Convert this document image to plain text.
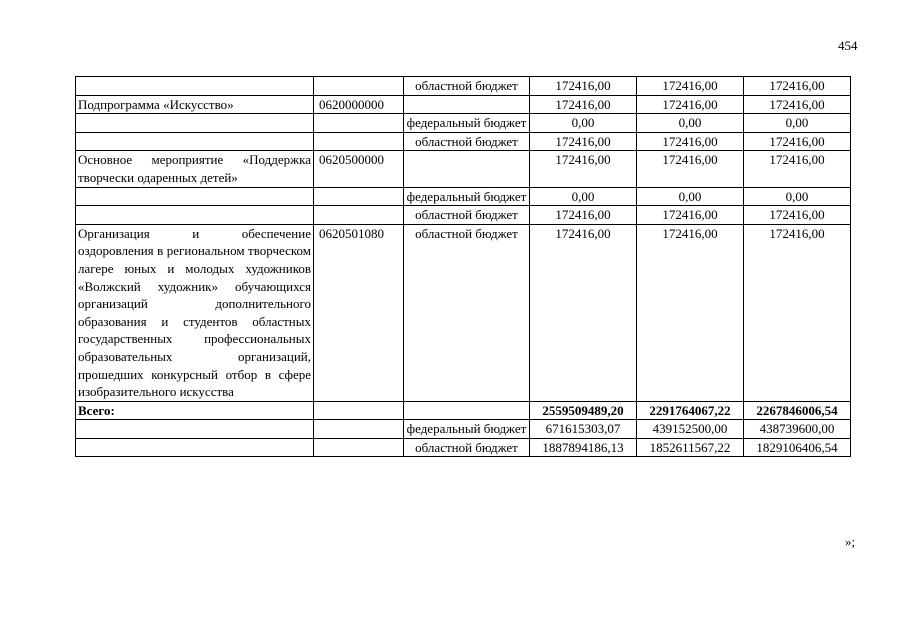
454
		областной бюджет	172416,00	172416,00	172416,00
Подпрограмма «Искусство»	0620000000		172416,00	172416,00	172416,00
		федеральный бюджет	0,00	0,00	0,00
		областной бюджет	172416,00	172416,00	172416,00
Основное мероприятие «Поддержка творчески одаренных детей»	0620500000		172416,00	172416,00	172416,00
		федеральный бюджет	0,00	0,00	0,00
		областной бюджет	172416,00	172416,00	172416,00
Организация и обеспечение оздоровления в региональном творческом лагере юных и молодых художников «Волжский художник» обучающихся организаций дополнительного образования и студентов областных государственных профессиональных образовательных организаций, прошедших конкурсный отбор в сфере изобразительного искусства	0620501080	областной бюджет	172416,00	172416,00	172416,00
Всего:			2559509489,20	2291764067,22	2267846006,54
		федеральный бюджет	671615303,07	439152500,00	438739600,00
		областной бюджет	1887894186,13	1852611567,22	1829106406,54
»;
